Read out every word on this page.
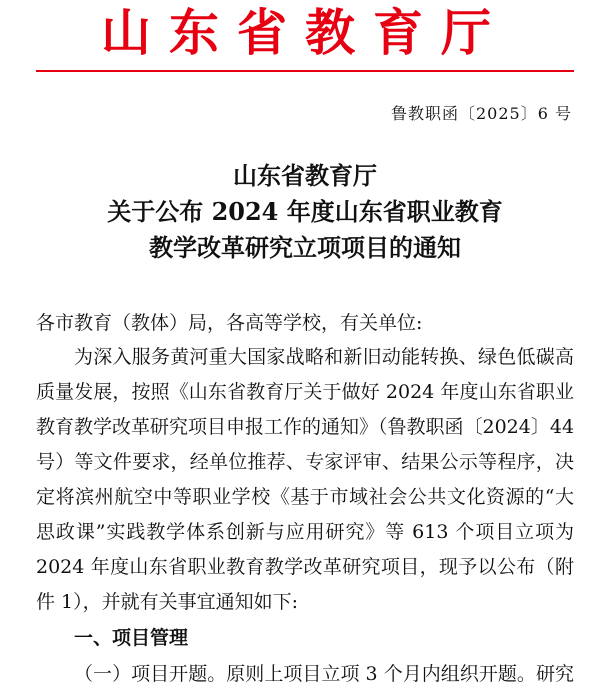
山东省教育厅
鲁教职函〔2025〕6 号
山东省教育厅
关于公布 2024 年度山东省职业教育
教学改革研究立项项目的通知
各市教育（教体）局，各高等学校，有关单位:
为深入服务黄河重大国家战略和新旧动能转换、绿色低碳高
质量发展，按照《山东省教育厅关于做好 2024 年度山东省职业
教育教学改革研究项目申报工作的通知》（鲁教职函〔2024〕44
号）等文件要求，经单位推荐、专家评审、结果公示等程序，决
定将滨州航空中等职业学校《基于市域社会公共文化资源的“大
思政课”实践教学体系创新与应用研究》等 613 个项目立项为
2024 年度山东省职业教育教学改革研究项目，现予以公布（附
件 1），并就有关事宜通知如下:
一、项目管理
（一）项目开题。原则上项目立项 3 个月内组织开题。研究
